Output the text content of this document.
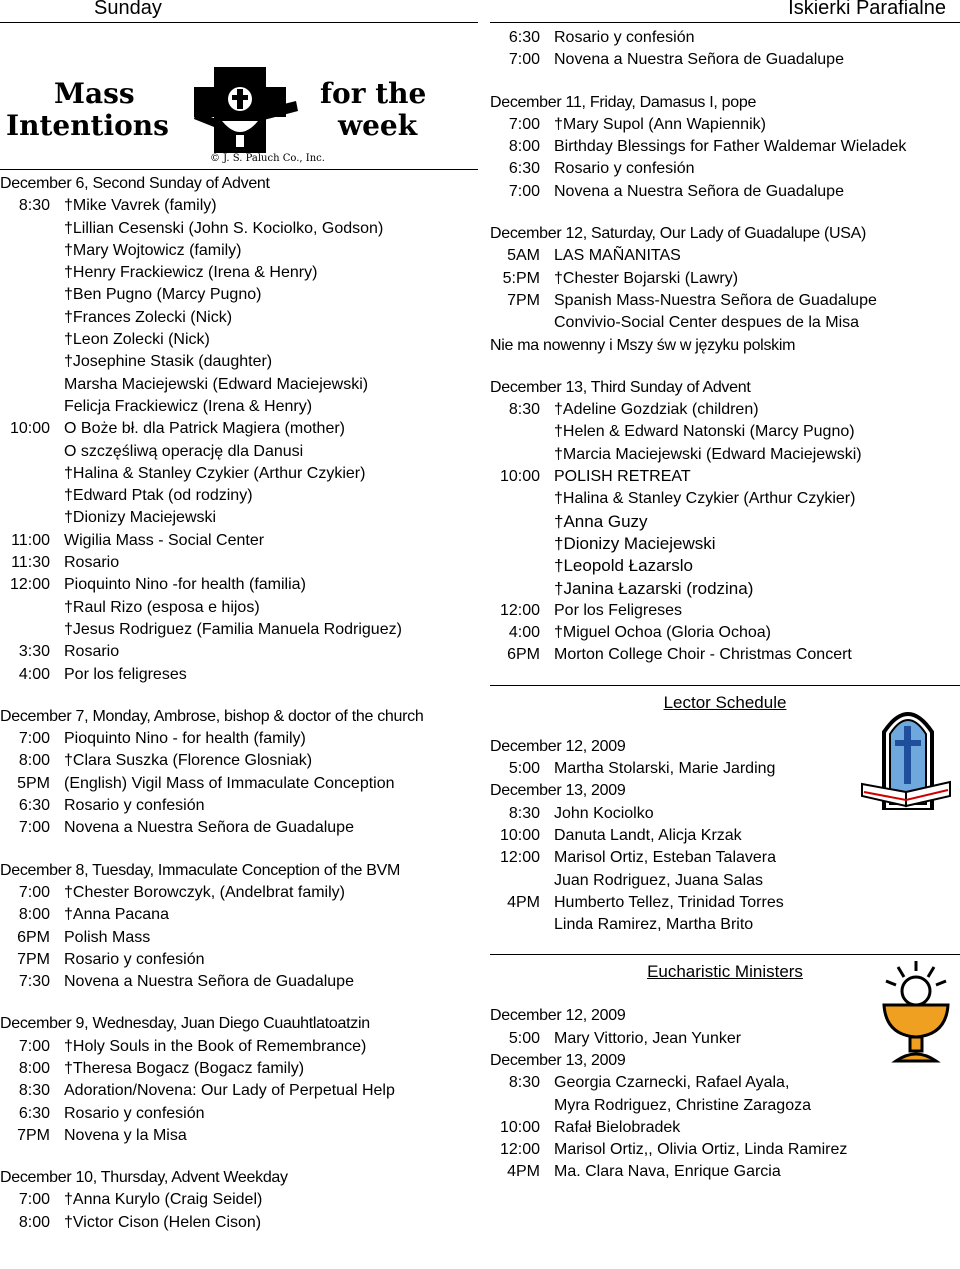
Sunday
Mass
Intentions
for the
week
© J. S. Paluch Co., Inc.
December 6, Second Sunday of Advent
8:30 †Mike Vavrek (family)
†Lillian Cesenski (John S. Kociolko, Godson)
†Mary Wojtowicz (family)
†Henry Frackiewicz (Irena & Henry)
†Ben Pugno (Marcy Pugno)
†Frances Zolecki (Nick)
†Leon Zolecki (Nick)
†Josephine Stasik (daughter)
Marsha Maciejewski (Edward Maciejewski)
Felicja Frackiewicz (Irena & Henry)
10:00 O Boże bł. dla Patrick Magiera (mother)
O szczęśliwą operację dla Danusi
†Halina & Stanley Czykier (Arthur Czykier)
†Edward Ptak (od rodziny)
†Dionizy Maciejewski
11:00 Wigilia Mass - Social Center
11:30 Rosario
12:00 Pioquinto Nino -for health (familia)
†Raul Rizo (esposa e hijos)
†Jesus Rodriguez (Familia Manuela Rodriguez)
3:30 Rosario
4:00 Por los feligreses
December 7, Monday, Ambrose, bishop & doctor of the church
7:00 Pioquinto Nino - for health (family)
8:00 †Clara Suszka (Florence Glosniak)
5PM (English) Vigil Mass of Immaculate Conception
6:30 Rosario y confesión
7:00 Novena a Nuestra Señora de Guadalupe
December 8, Tuesday, Immaculate Conception of the BVM
7:00 †Chester Borowczyk, (Andelbrat family)
8:00 †Anna Pacana
6PM Polish Mass
7PM Rosario y confesión
7:30 Novena a Nuestra Señora de Guadalupe
December 9, Wednesday, Juan Diego Cuauhtlatoatzin
7:00 †Holy Souls in the Book of Remembrance)
8:00 †Theresa Bogacz (Bogacz family)
8:30 Adoration/Novena: Our Lady of Perpetual Help
6:30 Rosario y confesión
7PM Novena y la Misa
December 10, Thursday, Advent Weekday
7:00 †Anna Kurylo (Craig Seidel)
8:00 †Victor Cison (Helen Cison)
Iskierki Parafialne
6:30 Rosario y confesión
7:00 Novena a Nuestra Señora de Guadalupe
December 11, Friday, Damasus I, pope
7:00 †Mary Supol (Ann Wapiennik)
8:00 Birthday Blessings for Father Waldemar Wieladek
6:30 Rosario y confesión
7:00 Novena a Nuestra Señora de Guadalupe
December 12, Saturday, Our Lady of Guadalupe (USA)
5AM LAS MAÑANITAS
5:PM †Chester Bojarski (Lawry)
7PM Spanish Mass-Nuestra Señora de Guadalupe
Convivio-Social Center despues de la Misa
Nie ma nowenny i Mszy św w języku polskim
December 13, Third Sunday of Advent
8:30 †Adeline Gozdziak (children)
†Helen & Edward Natonski (Marcy Pugno)
†Marcia Maciejewski (Edward Maciejewski)
10:00 POLISH RETREAT
†Halina & Stanley Czykier (Arthur Czykier)
†Anna Guzy
†Dionizy Maciejewski
†Leopold Łazarslo
†Janina Łazarski (rodzina)
12:00 Por los Feligreses
4:00 †Miguel Ochoa (Gloria Ochoa)
6PM Morton College Choir - Christmas Concert
Lector Schedule
December 12, 2009
5:00 Martha Stolarski, Marie Jarding
December 13, 2009
8:30 John Kociolko
10:00 Danuta Landt, Alicja Krzak
12:00 Marisol Ortiz, Esteban Talavera
Juan Rodriguez, Juana Salas
4PM Humberto Tellez, Trinidad Torres
Linda Ramirez, Martha Brito
Eucharistic Ministers
December 12, 2009
5:00 Mary Vittorio, Jean Yunker
December 13, 2009
8:30 Georgia Czarnecki, Rafael Ayala,
Myra Rodriguez, Christine Zaragoza
10:00 Rafał Bielobradek
12:00 Marisol Ortiz,, Olivia Ortiz, Linda Ramirez
4PM Ma. Clara Nava, Enrique Garcia
